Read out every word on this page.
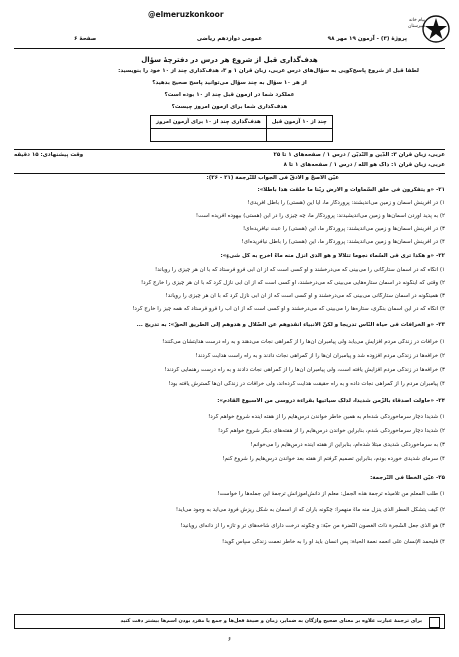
@elmeruzkonkoor
پیام خانه دبیرستان
پروژهٔ (۳) - آزمون ۱۹ مهر ۹۸
عمومی دوازدهم ریاضی
صفحهٔ ۶
هدف‌گذاری قبل از شروع هر درس در دفترچهٔ سؤال
لطفاً قبل از شروع پاسخ‌گویی به سؤال‌های درس عربی، زبان قرآن ۱ و ۳، هدف‌گذاری چند از ۱۰ خود را بنویسید:
از هر ۱۰ سؤال به چند سؤال می‌توانید پاسخ صحیح بدهید؟
عملکرد شما در آزمون قبل چند از ۱۰ بوده است؟
هدف‌گذاری شما برای آزمون امروز چیست؟
چند از ۱۰ آزمون قبل	هدف‌گذاری چند از ۱۰ برای آزمون امروز

عربی، زبان قرآن ۳: الدّین و التّدیّن / درس ۱ / صفحه‌های ۱ تا ۲۵
وقت پیشنهادی: ۱۵ دقیقه
عربی، زبان قرآن ۱: ذاک هو اللّه / درس ۱ / صفحه‌های ۱ تا ۸
عیّن الأصحّ و الأدقّ فی الجواب للتّرجمة (۲۱ - ۲۶):
۲۱- «و یتفکّرون فی خلق السّماوات و الأرض ربّنا ما خلقت هذا باطلاً»:
۱) در آفرینش آسمان و زمین می‌اندیشند: پروردگار ما، آیا این (هستی) را باطل آفریدی!
۲) به پدید آوردن آسمان‌ها و زمین می‌اندیشیدند: پروردگار ما، چه چیزی را در این (هستی) بیهوده آفریده است!
۳) در آفرینش آسمان‌ها و زمین می‌اندیشند: پروردگار ما، این (هستی) را عبث نیافریده‌ای!
۴) در آفرینش آسمان‌ها و زمین می‌اندیشند: پروردگار ما، این (هستی) را باطل نیافریده‌ای!
۲۲- «و هکذا تری فی السّماء نجوماً تتلألأ و هو الّذی أنزل منه ماءً أخرج به کلّ شیءٍ»:
۱) آنگاه که در آسمان ستارگانی را می‌بینی که می‌درخشند و او کسی است که از آن آبی فرو فرستاد که با آن هر چیزی را رویاند!
۲) وقتی که اینگونه در آسمان ستاره‌هایی می‌بینی که می‌درخشند، او کسی است که از آن آبی نازل کرد که با آن هر چیزی را خارج کرد!
۳) همینگونه در آسمان ستارگانی می‌بینی که می‌درخشند و او کسی است که از آن آبی نازل کرد که با آن هر چیزی را رویاند!
۴) آنگاه که در این آسمان بنگری، ستاره‌ها را می‌بینی که می‌درخشند و او کسی است که از آن آب را فرو فرستاد که همه چیز را خارج کرد!
۲۳- «و الخرافات فی حیاة النّاس تدریجاً و لکنّ الأنبیاء انقذوهم عن الضّلال و هدوهم إلی الطّریق الحقّ»: به تدریج ...
۱) خرافات در زندگی مردم افزایش می‌یابد ولی پیامبران آن‌ها را از گمراهی نجات می‌دهند و به راه درست هدایتشان می‌کنند!
۲) خرافه‌ها در زندگی مردم افزوده شد و پیامبران آن‌ها را از گمراهی نجات دادند و به راه راست هدایت کردند!
۳) خرافه‌ها در زندگی مردم افزایش یافته است، ولی پیامبران آن‌ها را از گمراهی نجات دادند و به راه درست رهنمایی کردند!
۴) پیامبران مردم را از گمراهی نجات داده و به راه حقیقت هدایت کرده‌اند، ولی خرافات در زندگی آن‌ها گسترش یافته بود!
۲۴- «حاولت أصدقاء بالزّمن شدیداً، لذلک سیأتیها بقراءة دروسی من الأسبوع القادم»:
۱) شدیداً دچار سرماخوردگی شده‌ام به همین خاطر خواندن درس‌هایم را از هفته آینده شروع خواهم کرد!
۲) شدیداً دچار سرماخوردگی شدم، بنابراین خواندن درس‌هایم را از هفته‌های دیگر شروع خواهم کرد!
۳) به سرماخوردگی شدیدی مبتلا شده‌ام، بنابراین از هفته آینده درس‌هایم را می‌خوانم!
۴) سرمای شدیدی خورده بودم، بنابراین تصمیم گرفتم از هفته بعد خواندن درس‌هایم را شروع کنم!
۲۵- عیّن الخطأ فی التّرجمة:
۱) طلب المعلّم من تلامیذه ترجمة هذه الجمل: معلم از دانش‌آموزانش ترجمهٔ این جمله‌ها را خواست!
۲) کیف یتشکّل المطر الّذی ینزل منه ماءً منهمراً: چگونه باران که از آسمان به شکل ریزش فرود می‌آید به وجود می‌آید!
۳) هو الّذی جعل الشّجرة ذاتَ الغصون النّضرة من حبّة: و چگونه درخت دارای شاخه‌های تر و تازه را از دانه‌ای رویانید!
۴) فلیحمد الإنسان علی أنعمه نعمة الحیاة: پس انسان باید او را به خاطر نعمت زندگی سپاس گوید!
برای ترجمهٔ عبارت علاوه بر معنای صحیح واژگان به ضمایر، زمان و صیغهٔ فعل‌ها و جمع یا مفرد بودن اسم‌ها بیشتر دقت کنید
۶
